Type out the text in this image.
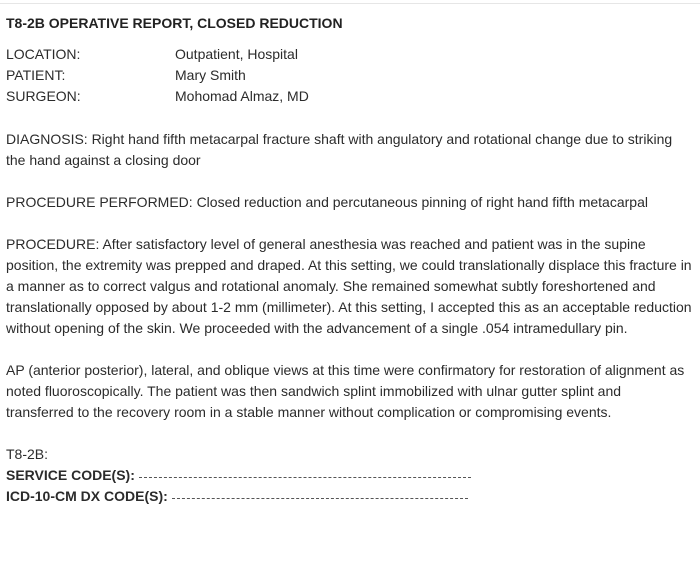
T8-2B OPERATIVE REPORT, CLOSED REDUCTION
LOCATION:	Outpatient, Hospital
PATIENT:	Mary Smith
SURGEON:	Mohomad Almaz, MD

DIAGNOSIS: Right hand fifth metacarpal fracture shaft with angulatory and rotational change due to striking the hand against a closing door

PROCEDURE PERFORMED: Closed reduction and percutaneous pinning of right hand fifth metacarpal

PROCEDURE: After satisfactory level of general anesthesia was reached and patient was in the supine position, the extremity was prepped and draped. At this setting, we could translationally displace this fracture in a manner as to correct valgus and rotational anomaly. She remained somewhat subtly foreshortened and translationally opposed by about 1-2 mm (millimeter). At this setting, I accepted this as an acceptable reduction without opening of the skin. We proceeded with the advancement of a single .054 intramedullary pin.

AP (anterior posterior), lateral, and oblique views at this time were confirmatory for restoration of alignment as noted fluoroscopically. The patient was then sandwich splint immobilized with ulnar gutter splint and transferred to the recovery room in a stable manner without complication or compromising events.

T8-2B:
SERVICE CODE(S):
ICD-10-CM DX CODE(S):
